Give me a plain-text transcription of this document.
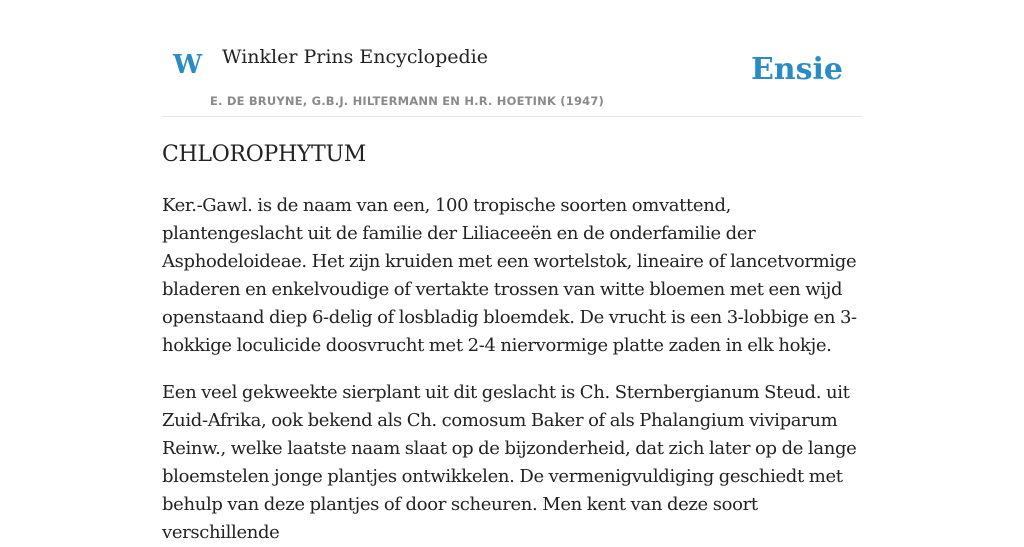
W Winkler Prins Encyclopedie
E. DE BRUYNE, G.B.J. HILTERMANN EN H.R. HOETINK (1947)
Ensie
CHLOROPHYTUM

Ker.-Gawl. is de naam van een, 100 tropische soorten omvattend, plantengeslacht uit de familie der Liliaceeën en de onderfamilie der Asphodeloideae. Het zijn kruiden met een wortelstok, lineaire of lancetvormige bladeren en enkelvoudige of vertakte trossen van witte bloemen met een wijd openstaand diep 6-delig of losbladig bloemdek. De vrucht is een 3-lobbige en 3-hokkige loculicide doosvrucht met 2-4 niervormige platte zaden in elk hokje.

Een veel gekweekte sierplant uit dit geslacht is Ch. Sternbergianum Steud. uit Zuid-Afrika, ook bekend als Ch. comosum Baker of als Phalangium viviparum Reinw., welke laatste naam slaat op de bijzonderheid, dat zich later op de lange bloemstelen jonge plantjes ontwikkelen. De vermenigvuldiging geschiedt met behulp van deze plantjes of door scheuren. Men kent van deze soort verschillende
